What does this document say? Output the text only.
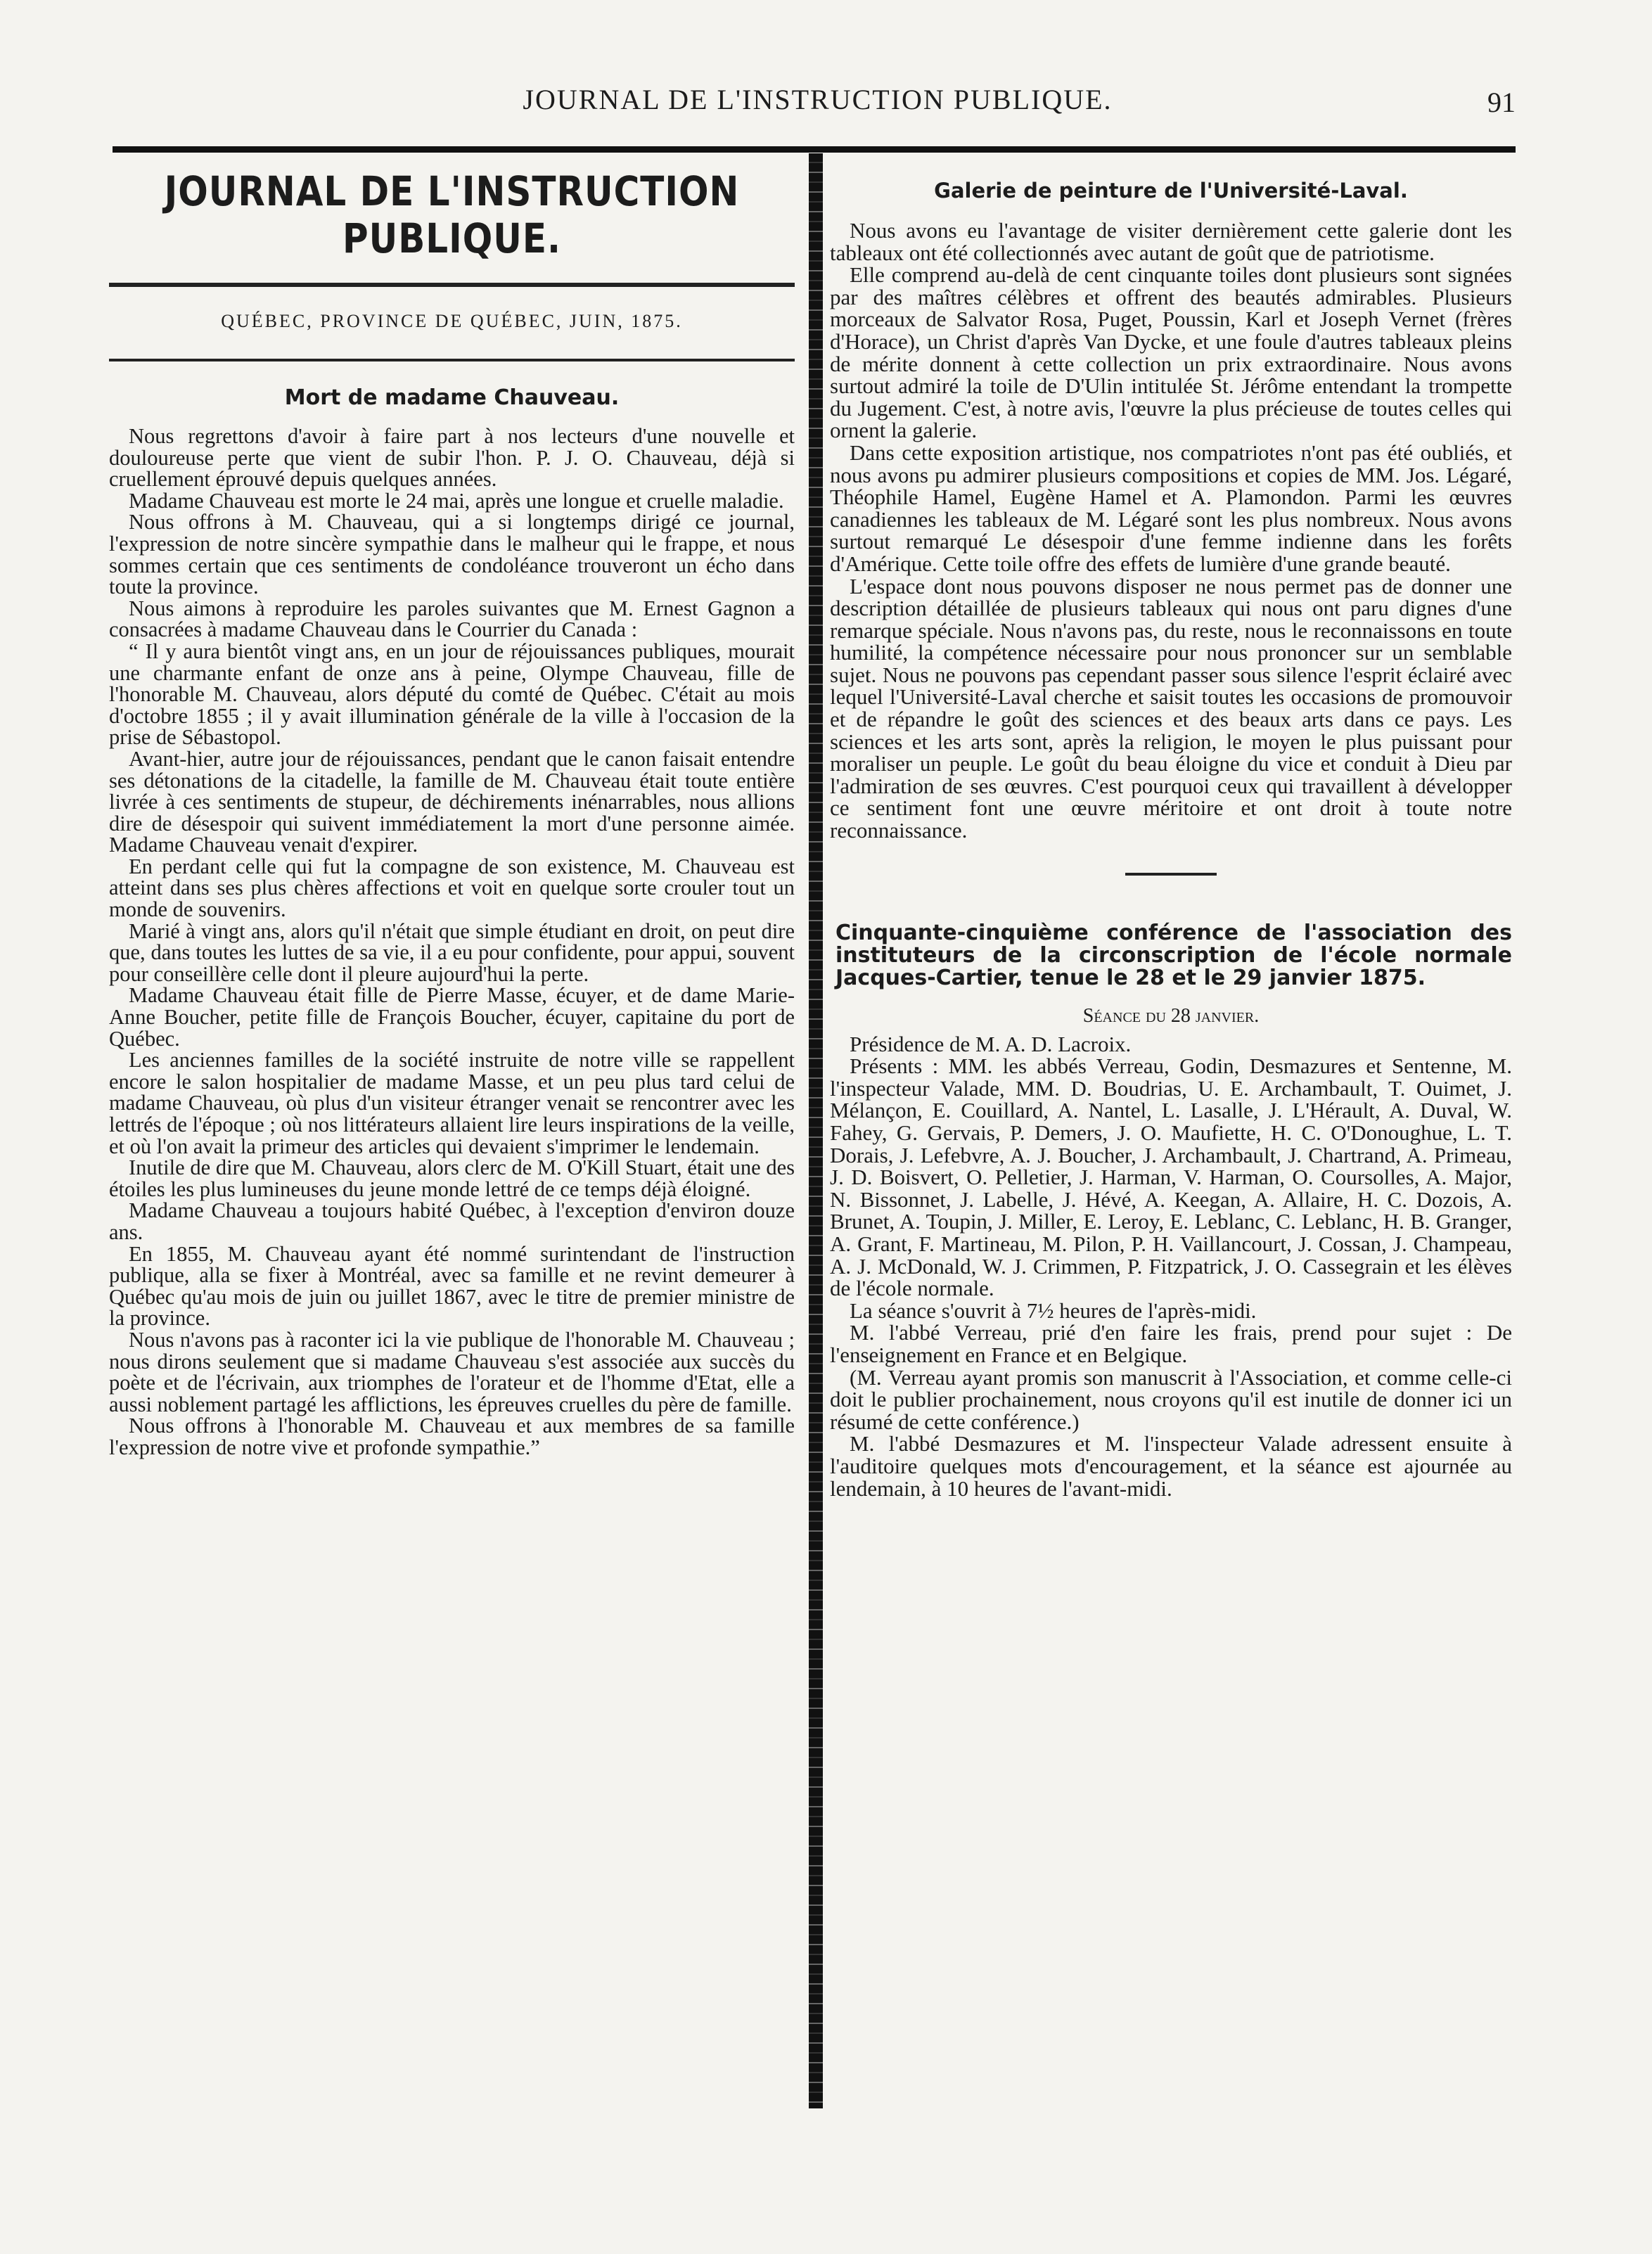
JOURNAL DE L'INSTRUCTION PUBLIQUE.	91
JOURNAL DE L'INSTRUCTION PUBLIQUE.
QUÉBEC, PROVINCE DE QUÉBEC, JUIN, 1875.
Mort de madame Chauveau.

Nous regrettons d'avoir à faire part à nos lecteurs d'une nouvelle et douloureuse perte que vient de subir l'hon. P. J. O. Chauveau, déjà si cruellement éprouvé depuis quelques années.

Madame Chauveau est morte le 24 mai, après une longue et cruelle maladie.

Nous offrons à M. Chauveau, qui a si longtemps dirigé ce journal, l'expression de notre sincère sympathie dans le malheur qui le frappe, et nous sommes certain que ces sentiments de condoléance trouveront un écho dans toute la province.

Nous aimons à reproduire les paroles suivantes que M. Ernest Gagnon a consacrées à madame Chauveau dans le Courrier du Canada :

“ Il y aura bientôt vingt ans, en un jour de réjouissances publiques, mourait une charmante enfant de onze ans à peine, Olympe Chauveau, fille de l'honorable M. Chauveau, alors député du comté de Québec. C'était au mois d'octobre 1855 ; il y avait illumination générale de la ville à l'occasion de la prise de Sébastopol.

Avant-hier, autre jour de réjouissances, pendant que le canon faisait entendre ses détonations de la citadelle, la famille de M. Chauveau était toute entière livrée à ces sentiments de stupeur, de déchirements inénarrables, nous allions dire de désespoir qui suivent immédiatement la mort d'une personne aimée. Madame Chauveau venait d'expirer.

En perdant celle qui fut la compagne de son existence, M. Chauveau est atteint dans ses plus chères affections et voit en quelque sorte crouler tout un monde de souvenirs.

Marié à vingt ans, alors qu'il n'était que simple étudiant en droit, on peut dire que, dans toutes les luttes de sa vie, il a eu pour confidente, pour appui, souvent pour conseillère celle dont il pleure aujourd'hui la perte.

Madame Chauveau était fille de Pierre Masse, écuyer, et de dame Marie-Anne Boucher, petite fille de François Boucher, écuyer, capitaine du port de Québec.

Les anciennes familles de la société instruite de notre ville se rappellent encore le salon hospitalier de madame Masse, et un peu plus tard celui de madame Chauveau, où plus d'un visiteur étranger venait se rencontrer avec les lettrés de l'époque ; où nos littérateurs allaient lire leurs inspirations de la veille, et où l'on avait la primeur des articles qui devaient s'imprimer le lendemain.

Inutile de dire que M. Chauveau, alors clerc de M. O'Kill Stuart, était une des étoiles les plus lumineuses du jeune monde lettré de ce temps déjà éloigné.

Madame Chauveau a toujours habité Québec, à l'exception d'environ douze ans.

En 1855, M. Chauveau ayant été nommé surintendant de l'instruction publique, alla se fixer à Montréal, avec sa famille et ne revint demeurer à Québec qu'au mois de juin ou juillet 1867, avec le titre de premier ministre de la province.

Nous n'avons pas à raconter ici la vie publique de l'honorable M. Chauveau ; nous dirons seulement que si madame Chauveau s'est associée aux succès du poète et de l'écrivain, aux triomphes de l'orateur et de l'homme d'Etat, elle a aussi noblement partagé les afflictions, les épreuves cruelles du père de famille.

Nous offrons à l'honorable M. Chauveau et aux membres de sa famille l'expression de notre vive et profonde sympathie.”

Galerie de peinture de l'Université-Laval.

Nous avons eu l'avantage de visiter dernièrement cette galerie dont les tableaux ont été collectionnés avec autant de goût que de patriotisme.

Elle comprend au-delà de cent cinquante toiles dont plusieurs sont signées par des maîtres célèbres et offrent des beautés admirables. Plusieurs morceaux de Salvator Rosa, Puget, Poussin, Karl et Joseph Vernet (frères d'Horace), un Christ d'après Van Dycke, et une foule d'autres tableaux pleins de mérite donnent à cette collection un prix extraordinaire. Nous avons surtout admiré la toile de D'Ulin intitulée St. Jérôme entendant la trompette du Jugement. C'est, à notre avis, l'œuvre la plus précieuse de toutes celles qui ornent la galerie.

Dans cette exposition artistique, nos compatriotes n'ont pas été oubliés, et nous avons pu admirer plusieurs compositions et copies de MM. Jos. Légaré, Théophile Hamel, Eugène Hamel et A. Plamondon. Parmi les œuvres canadiennes les tableaux de M. Légaré sont les plus nombreux. Nous avons surtout remarqué Le désespoir d'une femme indienne dans les forêts d'Amérique. Cette toile offre des effets de lumière d'une grande beauté.

L'espace dont nous pouvons disposer ne nous permet pas de donner une description détaillée de plusieurs tableaux qui nous ont paru dignes d'une remarque spéciale. Nous n'avons pas, du reste, nous le reconnaissons en toute humilité, la compétence nécessaire pour nous prononcer sur un semblable sujet. Nous ne pouvons pas cependant passer sous silence l'esprit éclairé avec lequel l'Université-Laval cherche et saisit toutes les occasions de promouvoir et de répandre le goût des sciences et des beaux arts dans ce pays. Les sciences et les arts sont, après la religion, le moyen le plus puissant pour moraliser un peuple. Le goût du beau éloigne du vice et conduit à Dieu par l'admiration de ses œuvres. C'est pourquoi ceux qui travaillent à développer ce sentiment font une œuvre méritoire et ont droit à toute notre reconnaissance.

Cinquante-cinquième conférence de l'association des instituteurs de la circonscription de l'école normale Jacques-Cartier, tenue le 28 et le 29 janvier 1875.
Séance du 28 janvier.

Présidence de M. A. D. Lacroix.

Présents : MM. les abbés Verreau, Godin, Desmazures et Sentenne, M. l'inspecteur Valade, MM. D. Boudrias, U. E. Archambault, T. Ouimet, J. Mélançon, E. Couillard, A. Nantel, L. Lasalle, J. L'Hérault, A. Duval, W. Fahey, G. Gervais, P. Demers, J. O. Maufiette, H. C. O'Donoughue, L. T. Dorais, J. Lefebvre, A. J. Boucher, J. Archambault, J. Chartrand, A. Primeau, J. D. Boisvert, O. Pelletier, J. Harman, V. Harman, O. Coursolles, A. Major, N. Bissonnet, J. Labelle, J. Hévé, A. Keegan, A. Allaire, H. C. Dozois, A. Brunet, A. Toupin, J. Miller, E. Leroy, E. Leblanc, C. Leblanc, H. B. Granger, A. Grant, F. Martineau, M. Pilon, P. H. Vaillancourt, J. Cossan, J. Champeau, A. J. McDonald, W. J. Crimmen, P. Fitzpatrick, J. O. Cassegrain et les élèves de l'école normale.

La séance s'ouvrit à 7½ heures de l'après-midi.

M. l'abbé Verreau, prié d'en faire les frais, prend pour sujet : De l'enseignement en France et en Belgique.

(M. Verreau ayant promis son manuscrit à l'Association, et comme celle-ci doit le publier prochainement, nous croyons qu'il est inutile de donner ici un résumé de cette conférence.)

M. l'abbé Desmazures et M. l'inspecteur Valade adressent ensuite à l'auditoire quelques mots d'encouragement, et la séance est ajournée au lendemain, à 10 heures de l'avant-midi.
